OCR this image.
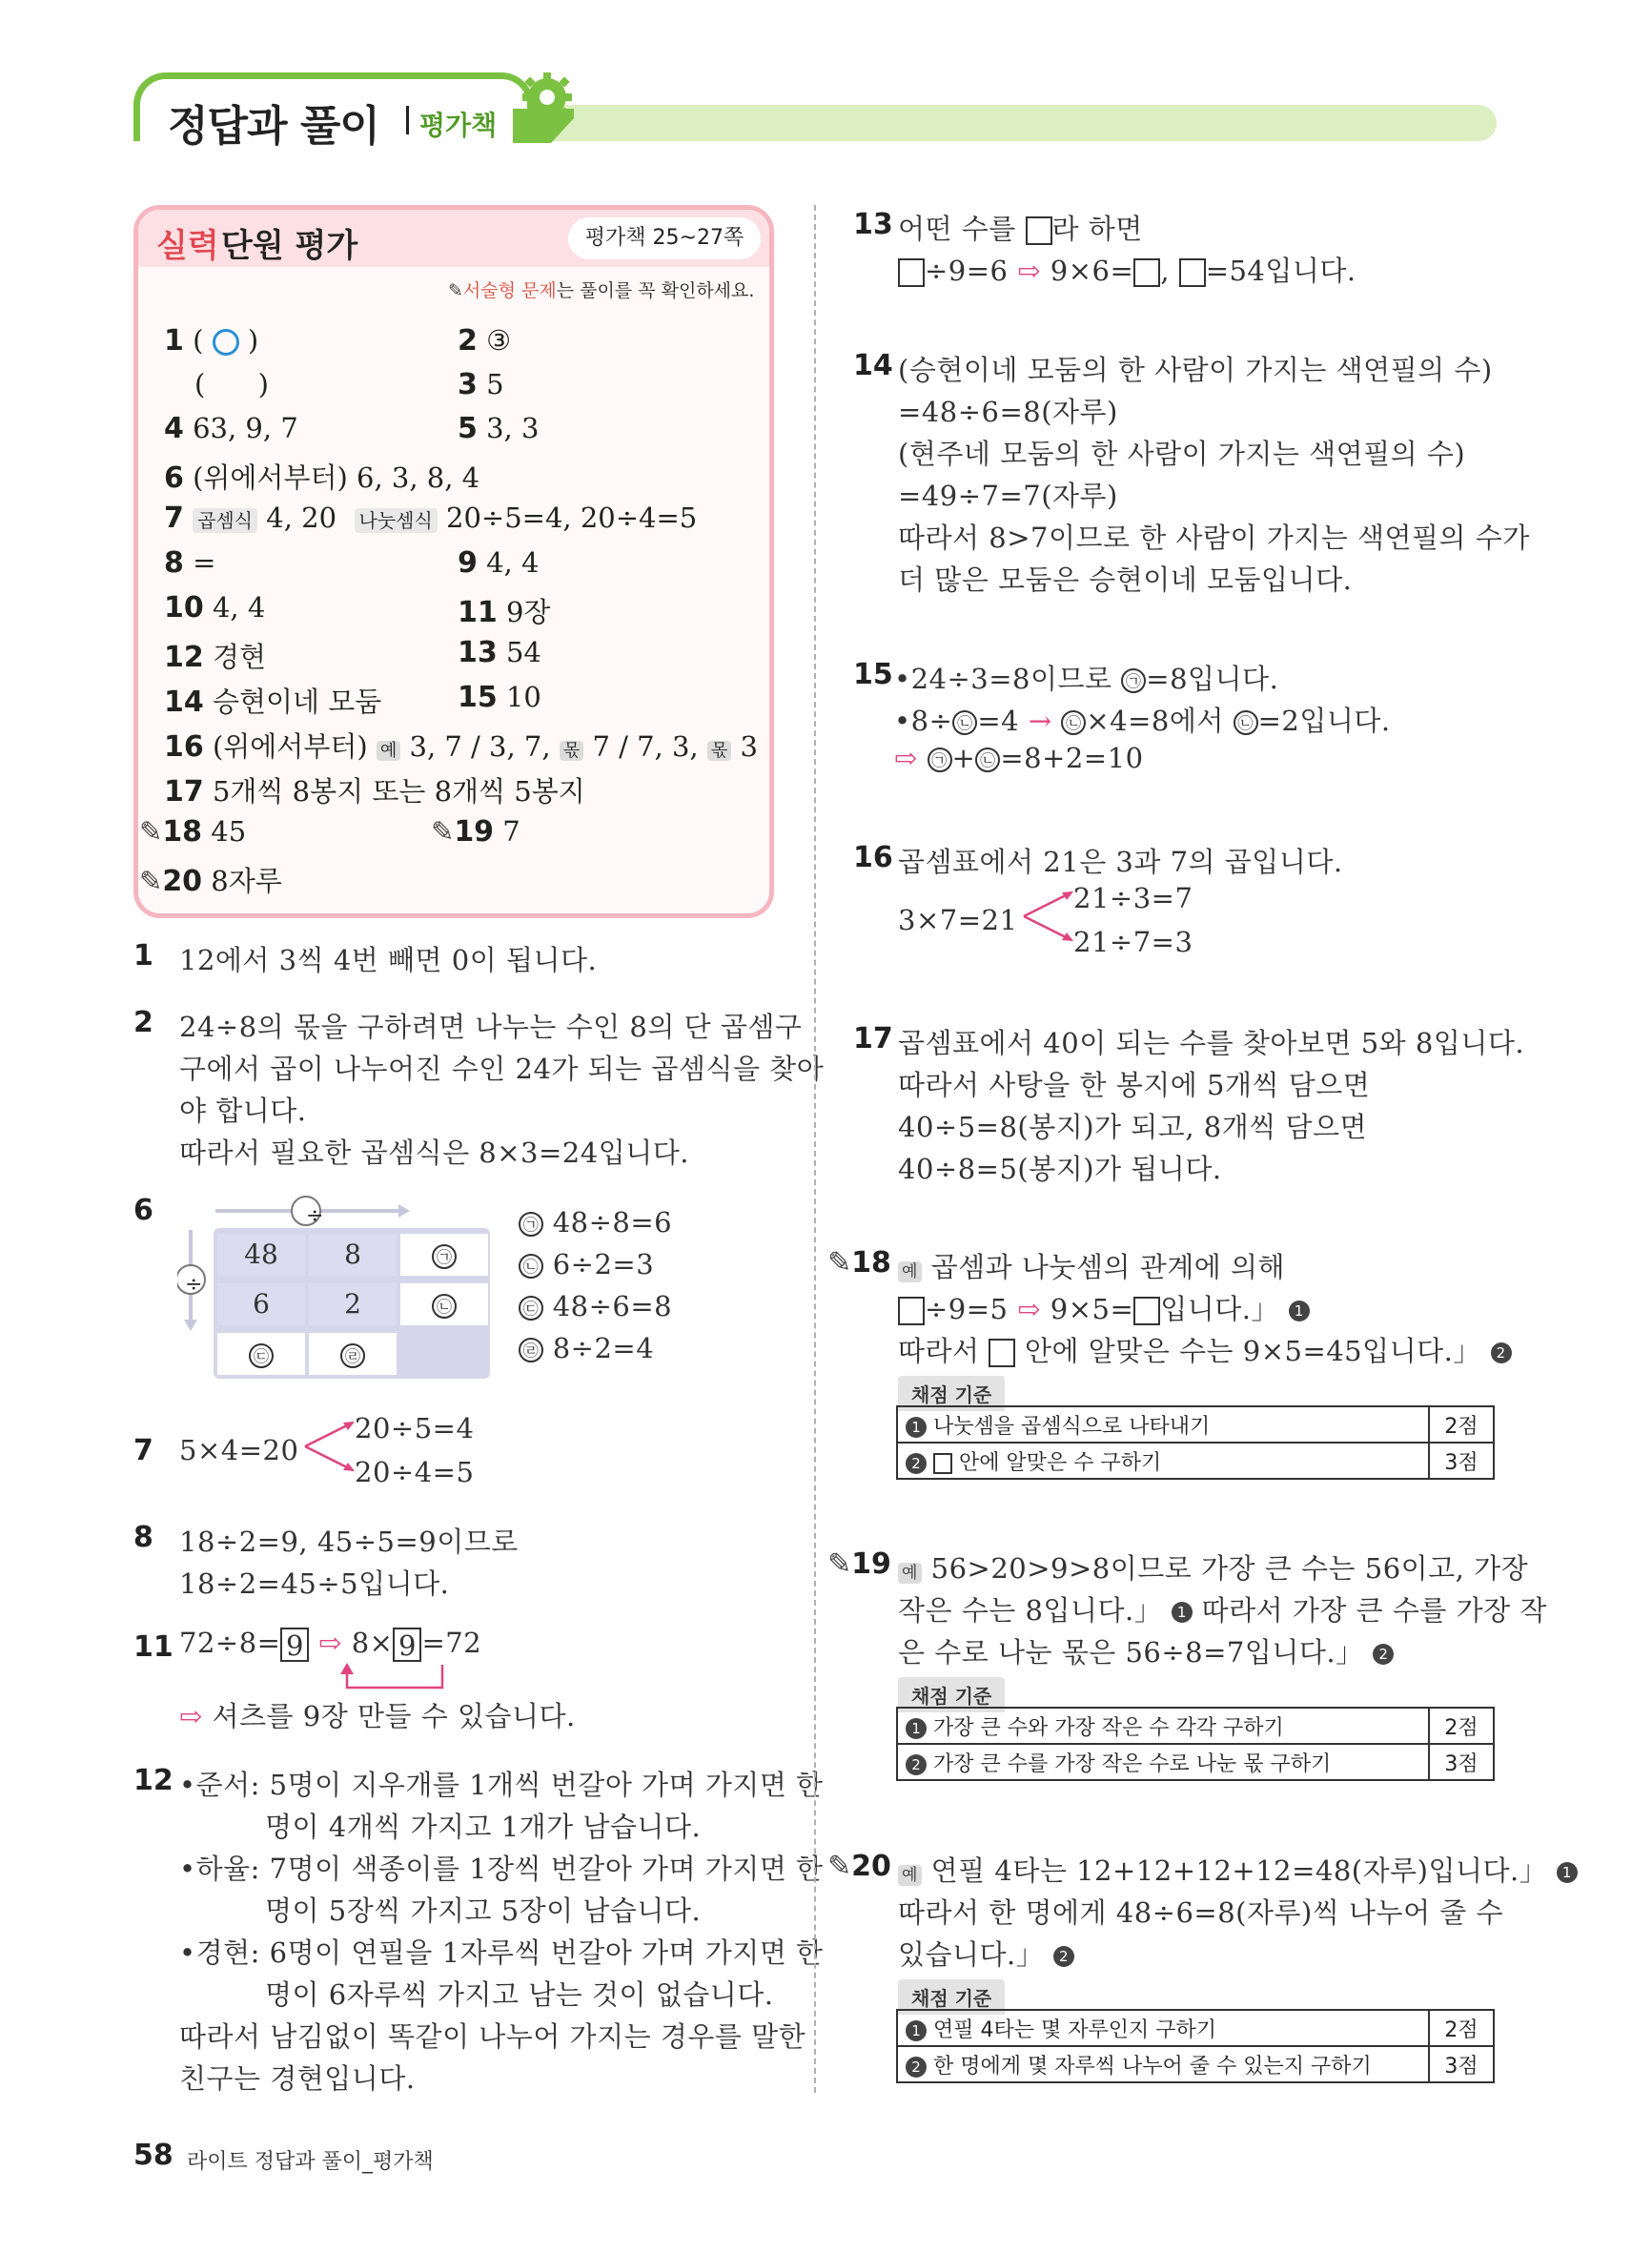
정답과 풀이 평가책
실력 단원 평가	평가책 25~27쪽
✎서술형 문제는 풀이를 꼭 확인하세요.
1 ( ○ )
( )
2 ③
3 5
4 63, 9, 7	5 3, 3
6 (위에서부터) 6, 3, 8, 4
7 곱셈식 4, 20 나눗셈식 20÷5=4, 20÷4=5
8 =	9 4, 4
10 4, 4	11 9장
12 경현	13 54
14 승현이네 모둠	15 10
16 (위에서부터) 예 3, 7 / 3, 7, 몫 7 / 7, 3, 몫 3
17 5개씩 8봉지 또는 8개씩 5봉지
✎18 45	✎19 7
✎20 8자루
1 12에서 3씩 4번 빼면 0이 됩니다.
2 24÷8의 몫을 구하려면 나누는 수인 8의 단 곱셈구
구에서 곱이 나누어진 수인 24가 되는 곱셈식을 찾아
야 합니다.
따라서 필요한 곱셈식은 8×3=24입니다.
6	÷
÷
48	8	㉠
6	2	㉡
㉢	㉣
㉠ 48÷8=6
㉡ 6÷2=3
㉢ 48÷6=8
㉣ 8÷2=4
7 5×4=20
20÷5=4
20÷4=5
8 18÷2=9, 45÷5=9이므로
18÷2=45÷5입니다.
11 72÷8= 9 ⇨ 8× 9 =72
⇨ 셔츠를 9장 만들 수 있습니다.
12 •준서: 5명이 지우개를 1개씩 번갈아 가며 가지면 한
명이 4개씩 가지고 1개가 남습니다.
•하율: 7명이 색종이를 1장씩 번갈아 가며 가지면 한
명이 5장씩 가지고 5장이 남습니다.
•경현: 6명이 연필을 1자루씩 번갈아 가며 가지면 한
명이 6자루씩 가지고 남는 것이 없습니다.
따라서 남김없이 똑같이 나누어 가지는 경우를 말한
친구는 경현입니다.
13 어떤 수를 라 하면
÷9=6 ⇨ 9×6= , =54입니다.
14 (승현이네 모둠의 한 사람이 가지는 색연필의 수)
=48÷6=8(자루)
(현주네 모둠의 한 사람이 가지는 색연필의 수)
=49÷7=7(자루)
따라서 8>7이므로 한 사람이 가지는 색연필의 수가
더 많은 모둠은 승현이네 모둠입니다.
15 •24÷3=8이므로 ㉠ =8입니다.
•8÷ ㉡ =4 → ㉡ ×4=8에서 ㉡ =2입니다.
⇨ ㉠ + ㉡ =8+2=10
16 곱셈표에서 21은 3과 7의 곱입니다.
3×7=21
21÷3=7
21÷7=3
17 곱셈표에서 40이 되는 수를 찾아보면 5와 8입니다.
따라서 사탕을 한 봉지에 5개씩 담으면
40÷5=8(봉지)가 되고, 8개씩 담으면
40÷8=5(봉지)가 됩니다.
✎18 예 곱셈과 나눗셈의 관계에 의해
÷9=5 ⇨ 9×5= 입니다.」 1
따라서 안에 알맞은 수는 9×5=45입니다.」 2
채점 기준
1 나눗셈을 곱셈식으로 나타내기	2점
2 안에 알맞은 수 구하기	3점
✎19 예 56>20>9>8이므로 가장 큰 수는 56이고, 가장
작은 수는 8입니다.」 1 따라서 가장 큰 수를 가장 작
은 수로 나눈 몫은 56÷8=7입니다.」 2
채점 기준
1 가장 큰 수와 가장 작은 수 각각 구하기	2점
2 가장 큰 수를 가장 작은 수로 나눈 몫 구하기	3점
✎20 예 연필 4타는 12+12+12+12=48(자루)입니다.」 1
따라서 한 명에게 48÷6=8(자루)씩 나누어 줄 수
있습니다.」 2
채점 기준
1 연필 4타는 몇 자루인지 구하기	2점
2 한 명에게 몇 자루씩 나누어 줄 수 있는지 구하기	3점
58 라이트 정답과 풀이_평가책
